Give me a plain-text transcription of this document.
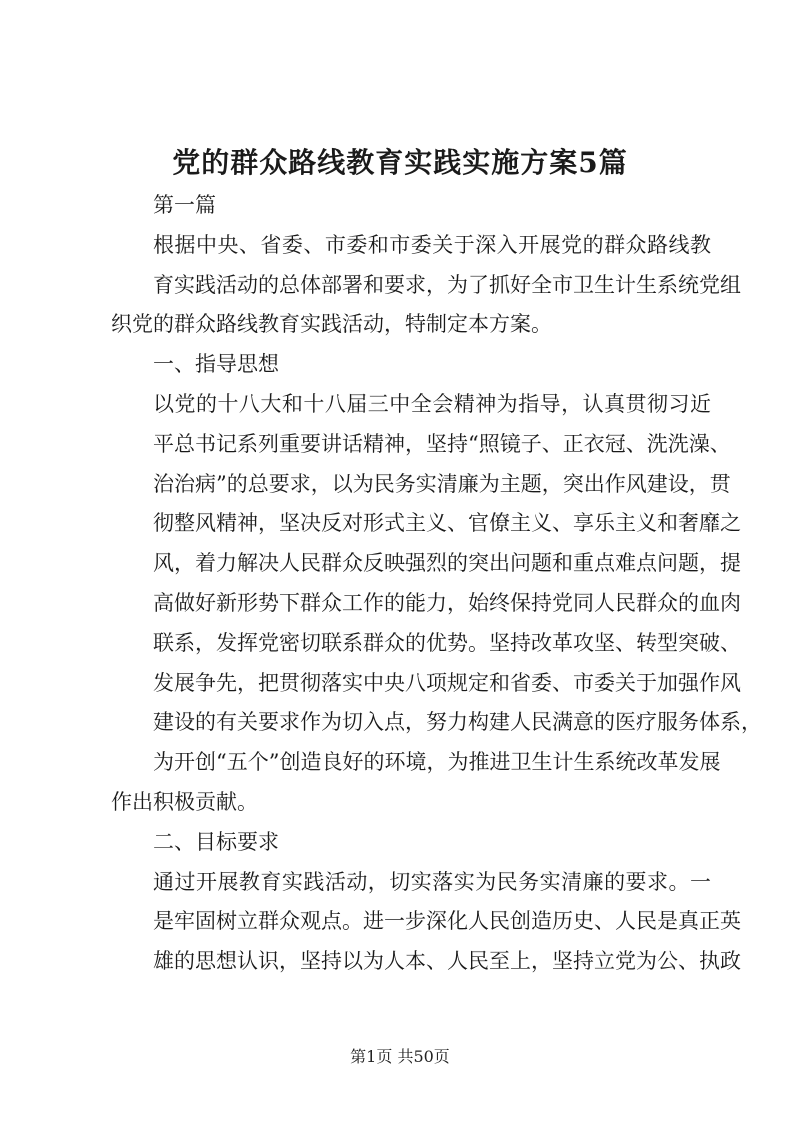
党的群众路线教育实践实施方案5篇

第一篇

根据中央、省委、市委和市委关于深入开展党的群众路线教

育实践活动的总体部署和要求，为了抓好全市卫生计生系统党组

织党的群众路线教育实践活动，特制定本方案。

一、指导思想

以党的十八大和十八届三中全会精神为指导，认真贯彻习近

平总书记系列重要讲话精神，坚持“照镜子、正衣冠、洗洗澡、

治治病”的总要求，以为民务实清廉为主题，突出作风建设，贯

彻整风精神，坚决反对形式主义、官僚主义、享乐主义和奢靡之

风，着力解决人民群众反映强烈的突出问题和重点难点问题，提

高做好新形势下群众工作的能力，始终保持党同人民群众的血肉

联系，发挥党密切联系群众的优势。坚持改革攻坚、转型突破、

发展争先，把贯彻落实中央八项规定和省委、市委关于加强作风

建设的有关要求作为切入点，努力构建人民满意的医疗服务体系，

为开创“五个”创造良好的环境，为推进卫生计生系统改革发展

作出积极贡献。

二、目标要求

通过开展教育实践活动，切实落实为民务实清廉的要求。一

是牢固树立群众观点。进一步深化人民创造历史、人民是真正英

雄的思想认识，坚持以为人本、人民至上，坚持立党为公、执政

第1页 共50页
